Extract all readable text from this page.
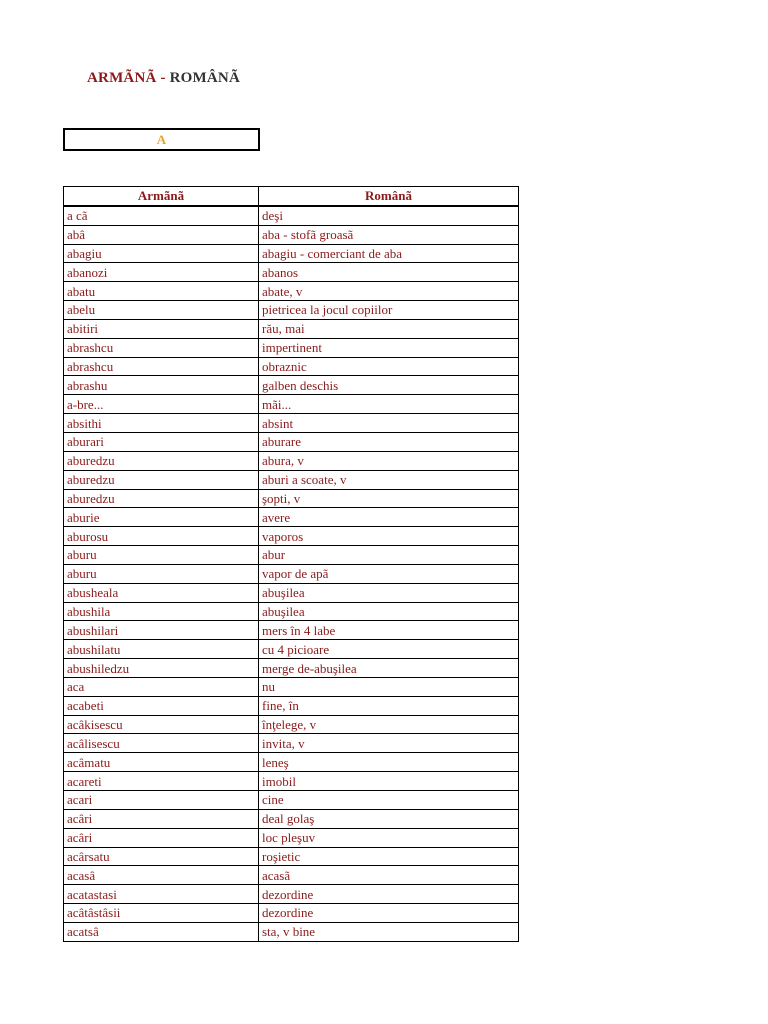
ARMÃNÃ - ROMÂNÃ
A
Armãnã	Românã
a cã	deşi
abâ	aba - stofã groasã
abagiu	abagiu - comerciant de aba
abanozi	abanos
abatu	abate, v
abelu	pietricea la jocul copiilor
abitiri	rău, mai
abrashcu	impertinent
abrashcu	obraznic
abrashu	galben deschis
a-bre...	mãi...
absithi	absint
aburari	aburare
aburedzu	abura, v
aburedzu	aburi a scoate, v
aburedzu	şopti, v
aburie	avere
aburosu	vaporos
aburu	abur
aburu	vapor de apã
abusheala	abuşilea
abushila	abuşilea
abushilari	mers în 4 labe
abushilatu	cu 4 picioare
abushiledzu	merge de-abuşilea
aca	nu
acabeti	fine, în
acâkisescu	înţelege, v
acâlisescu	invita, v
acâmatu	leneş
acareti	imobil
acari	cine
acâri	deal golaş
acâri	loc pleşuv
acârsatu	roşietic
acasâ	acasã
acatastasi	dezordine
acâtâstâsii	dezordine
acatsâ	sta, v bine
